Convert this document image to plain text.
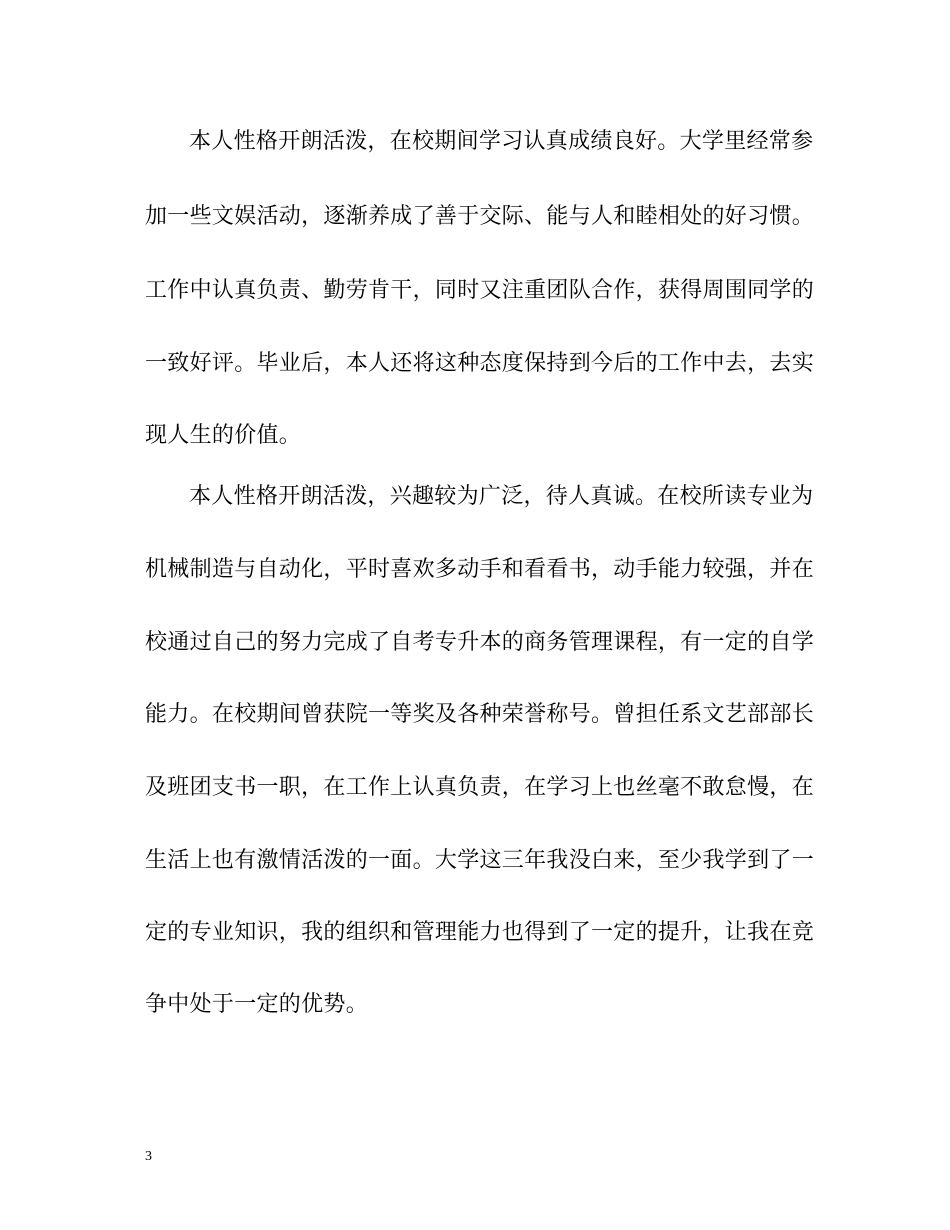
本人性格开朗活泼，在校期间学习认真成绩良好。大学里经常参
加一些文娱活动，逐渐养成了善于交际、能与人和睦相处的好习惯。
工作中认真负责、勤劳肯干，同时又注重团队合作，获得周围同学的
一致好评。毕业后，本人还将这种态度保持到今后的工作中去，去实
现人生的价值。
本人性格开朗活泼，兴趣较为广泛，待人真诚。在校所读专业为
机械制造与自动化，平时喜欢多动手和看看书，动手能力较强，并在
校通过自己的努力完成了自考专升本的商务管理课程，有一定的自学
能力。在校期间曾获院一等奖及各种荣誉称号。曾担任系文艺部部长
及班团支书一职，在工作上认真负责，在学习上也丝毫不敢怠慢，在
生活上也有激情活泼的一面。大学这三年我没白来，至少我学到了一
定的专业知识，我的组织和管理能力也得到了一定的提升，让我在竞
争中处于一定的优势。
3
